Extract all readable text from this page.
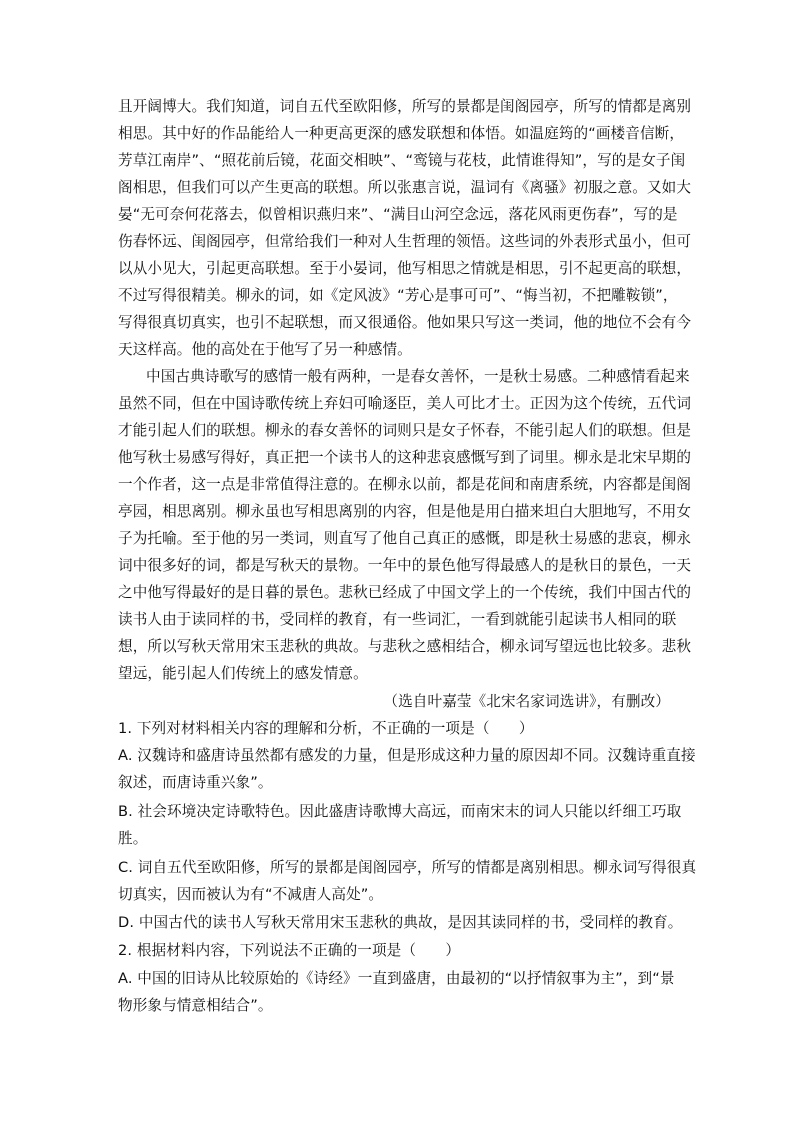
且开阔博大。我们知道，词自五代至欧阳修，所写的景都是闺阁园亭，所写的情都是离别
相思。其中好的作品能给人一种更高更深的感发联想和体悟。如温庭筠的“画楼音信断，
芳草江南岸”、“照花前后镜，花面交相映”、“鸾镜与花枝，此情谁得知”，写的是女子闺
阁相思，但我们可以产生更高的联想。所以张惠言说，温词有《离骚》初服之意。又如大
晏“无可奈何花落去，似曾相识燕归来”、“满目山河空念远，落花风雨更伤春”，写的是
伤春怀远、闺阁园亭，但常给我们一种对人生哲理的领悟。这些词的外表形式虽小，但可
以从小见大，引起更高联想。至于小晏词，他写相思之情就是相思，引不起更高的联想，
不过写得很精美。柳永的词，如《定风波》“芳心是事可可”、“悔当初，不把雕鞍锁”，
写得很真切真实，也引不起联想，而又很通俗。他如果只写这一类词，他的地位不会有今
天这样高。他的高处在于他写了另一种感情。
中国古典诗歌写的感情一般有两种，一是春女善怀，一是秋士易感。二种感情看起来
虽然不同，但在中国诗歌传统上弃妇可喻逐臣，美人可比才士。正因为这个传统，五代词
才能引起人们的联想。柳永的春女善怀的词则只是女子怀春，不能引起人们的联想。但是
他写秋士易感写得好，真正把一个读书人的这种悲哀感慨写到了词里。柳永是北宋早期的
一个作者，这一点是非常值得注意的。在柳永以前，都是花间和南唐系统，内容都是闺阁
亭园，相思离别。柳永虽也写相思离别的内容，但是他是用白描来坦白大胆地写，不用女
子为托喻。至于他的另一类词，则直写了他自己真正的感慨，即是秋士易感的悲哀，柳永
词中很多好的词，都是写秋天的景物。一年中的景色他写得最感人的是秋日的景色，一天
之中他写得最好的是日暮的景色。悲秋已经成了中国文学上的一个传统，我们中国古代的
读书人由于读同样的书，受同样的教育，有一些词汇，一看到就能引起读书人相同的联
想，所以写秋天常用宋玉悲秋的典故。与悲秋之感相结合，柳永词写望远也比较多。悲秋
望远，能引起人们传统上的感发情意。
（选自叶嘉莹《北宋名家词选讲》，有删改）
1. 下列对材料相关内容的理解和分析，不正确的一项是（　　）
A. 汉魏诗和盛唐诗虽然都有感发的力量，但是形成这种力量的原因却不同。汉魏诗重直接
叙述，而唐诗重兴象”。
B. 社会环境决定诗歌特色。因此盛唐诗歌博大高远，而南宋末的词人只能以纤细工巧取
胜。
C. 词自五代至欧阳修，所写的景都是闺阁园亭，所写的情都是离别相思。柳永词写得很真
切真实，因而被认为有“不减唐人高处”。
D. 中国古代的读书人写秋天常用宋玉悲秋的典故，是因其读同样的书，受同样的教育。
2. 根据材料内容，下列说法不正确的一项是（　　）
A. 中国的旧诗从比较原始的《诗经》一直到盛唐，由最初的“以抒情叙事为主”，到“景
物形象与情意相结合”。
